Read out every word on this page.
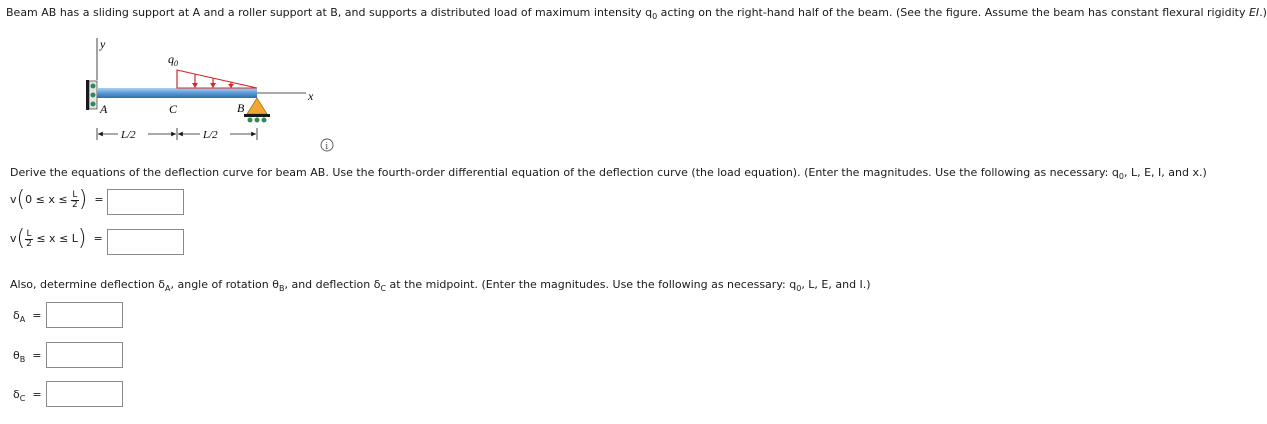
Beam AB has a sliding support at A and a roller support at B, and supports a distributed load of maximum intensity $q_0$ acting on the right-hand half of the beam. (See the figure. Assume the beam has constant flexural rigidity EI.)
y
x
$q_0$
A	C	B
L/2	L/2
i
Derive the equations of the deflection curve for beam AB. Use the fourth-order differential equation of the deflection curve (the load equation). (Enter the magnitudes. Use the following as necessary: $q_0$, L, E, I, and x.)
$v(0 \le x \le \frac{L}{2}$ ) =
$v( \frac{L}{2} \le x \le L)$ =
Also, determine deflection $\delta_A$, angle of rotation $\theta_B$, and deflection $\delta_C$ at the midpoint. (Enter the magnitudes. Use the following as necessary: $q_0$, L, E, and I.)
$\delta_A$ =
$\theta_B$ =
$\delta_C$ =
